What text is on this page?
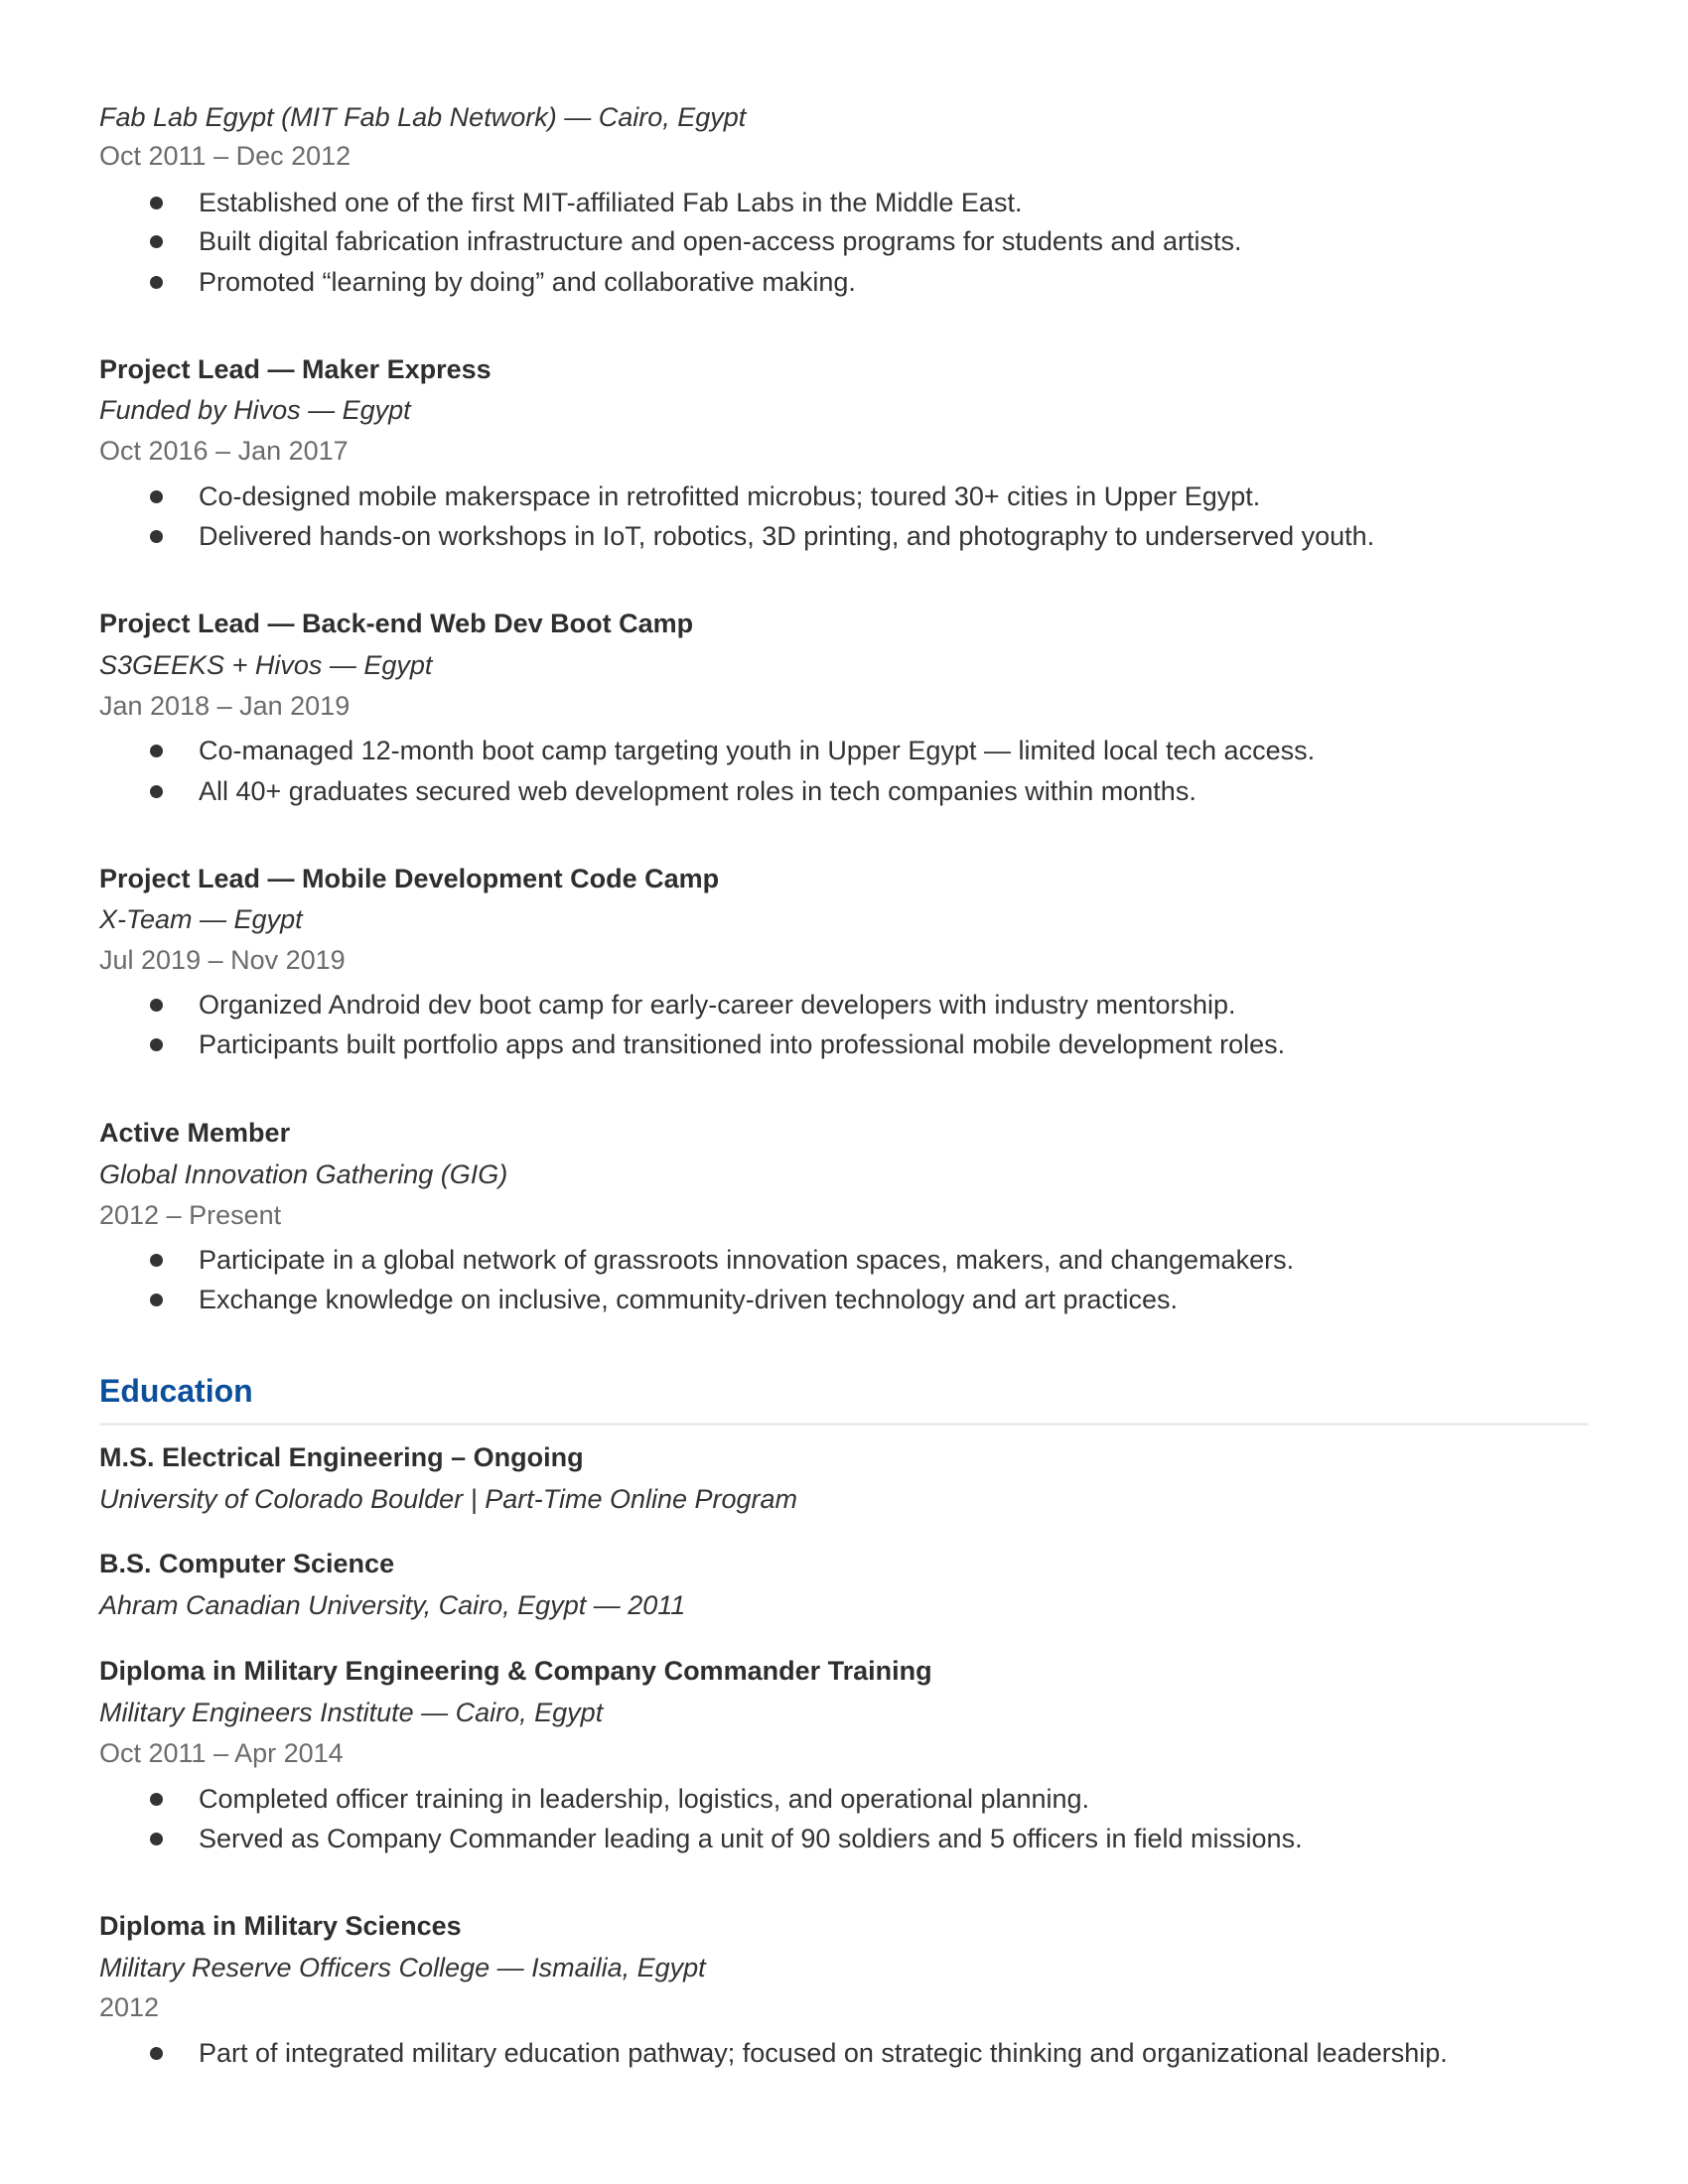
Fab Lab Egypt (MIT Fab Lab Network) — Cairo, Egypt
Oct 2011 – Dec 2012
Established one of the first MIT-affiliated Fab Labs in the Middle East.
Built digital fabrication infrastructure and open-access programs for students and artists.
Promoted “learning by doing” and collaborative making.
Project Lead — Maker Express
Funded by Hivos — Egypt
Oct 2016 – Jan 2017
Co-designed mobile makerspace in retrofitted microbus; toured 30+ cities in Upper Egypt.
Delivered hands-on workshops in IoT, robotics, 3D printing, and photography to underserved youth.
Project Lead — Back-end Web Dev Boot Camp
S3GEEKS + Hivos — Egypt
Jan 2018 – Jan 2019
Co-managed 12-month boot camp targeting youth in Upper Egypt — limited local tech access.
All 40+ graduates secured web development roles in tech companies within months.
Project Lead — Mobile Development Code Camp
X-Team — Egypt
Jul 2019 – Nov 2019
Organized Android dev boot camp for early-career developers with industry mentorship.
Participants built portfolio apps and transitioned into professional mobile development roles.
Active Member
Global Innovation Gathering (GIG)
2012 – Present
Participate in a global network of grassroots innovation spaces, makers, and changemakers.
Exchange knowledge on inclusive, community-driven technology and art practices.
Education
M.S. Electrical Engineering – Ongoing
University of Colorado Boulder | Part-Time Online Program
B.S. Computer Science
Ahram Canadian University, Cairo, Egypt — 2011
Diploma in Military Engineering & Company Commander Training
Military Engineers Institute — Cairo, Egypt
Oct 2011 – Apr 2014
Completed officer training in leadership, logistics, and operational planning.
Served as Company Commander leading a unit of 90 soldiers and 5 officers in field missions.
Diploma in Military Sciences
Military Reserve Officers College — Ismailia, Egypt
2012
Part of integrated military education pathway; focused on strategic thinking and organizational leadership.
